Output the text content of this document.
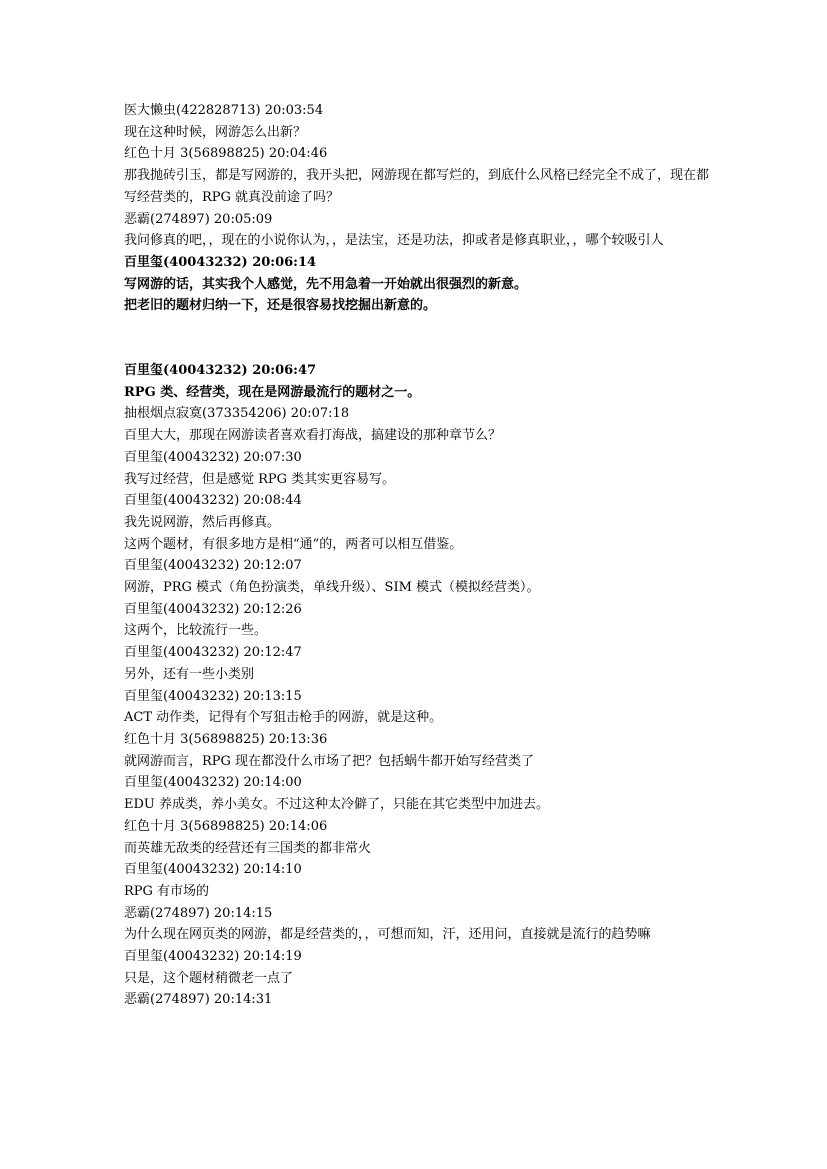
医大懒虫(422828713) 20:03:54
现在这种时候，网游怎么出新？
红色十月 3(56898825) 20:04:46
那我抛砖引玉，都是写网游的，我开头把，网游现在都写烂的，到底什么风格已经完全不成了，现在都写经营类的，RPG 就真没前途了吗？
恶霸(274897) 20:05:09
我问修真的吧，，现在的小说你认为，，是法宝，还是功法，抑或者是修真职业，，哪个较吸引人
百里玺(40043232) 20:06:14
写网游的话，其实我个人感觉，先不用急着一开始就出很强烈的新意。
把老旧的题材归纳一下，还是很容易找挖掘出新意的。
百里玺(40043232) 20:06:47
RPG 类、经营类，现在是网游最流行的题材之一。
抽根烟点寂寞(373354206) 20:07:18
百里大大，那现在网游读者喜欢看打海战，搞建设的那种章节么？
百里玺(40043232) 20:07:30
我写过经营，但是感觉 RPG 类其实更容易写。
百里玺(40043232) 20:08:44
我先说网游，然后再修真。
这两个题材，有很多地方是相“通”的，两者可以相互借鉴。
百里玺(40043232) 20:12:07
网游，PRG 模式（角色扮演类，单线升级）、SIM 模式（模拟经营类）。
百里玺(40043232) 20:12:26
这两个，比较流行一些。
百里玺(40043232) 20:12:47
另外，还有一些小类别
百里玺(40043232) 20:13:15
ACT 动作类，记得有个写狙击枪手的网游，就是这种。
红色十月 3(56898825) 20:13:36
就网游而言，RPG 现在都没什么市场了把？包括蜗牛都开始写经营类了
百里玺(40043232) 20:14:00
EDU 养成类，养小美女。不过这种太冷僻了，只能在其它类型中加进去。
红色十月 3(56898825) 20:14:06
而英雄无敌类的经营还有三国类的都非常火
百里玺(40043232) 20:14:10
RPG 有市场的
恶霸(274897) 20:14:15
为什么现在网页类的网游，都是经营类的，，可想而知，汗，还用问，直接就是流行的趋势嘛
百里玺(40043232) 20:14:19
只是，这个题材稍微老一点了
恶霸(274897) 20:14:31
